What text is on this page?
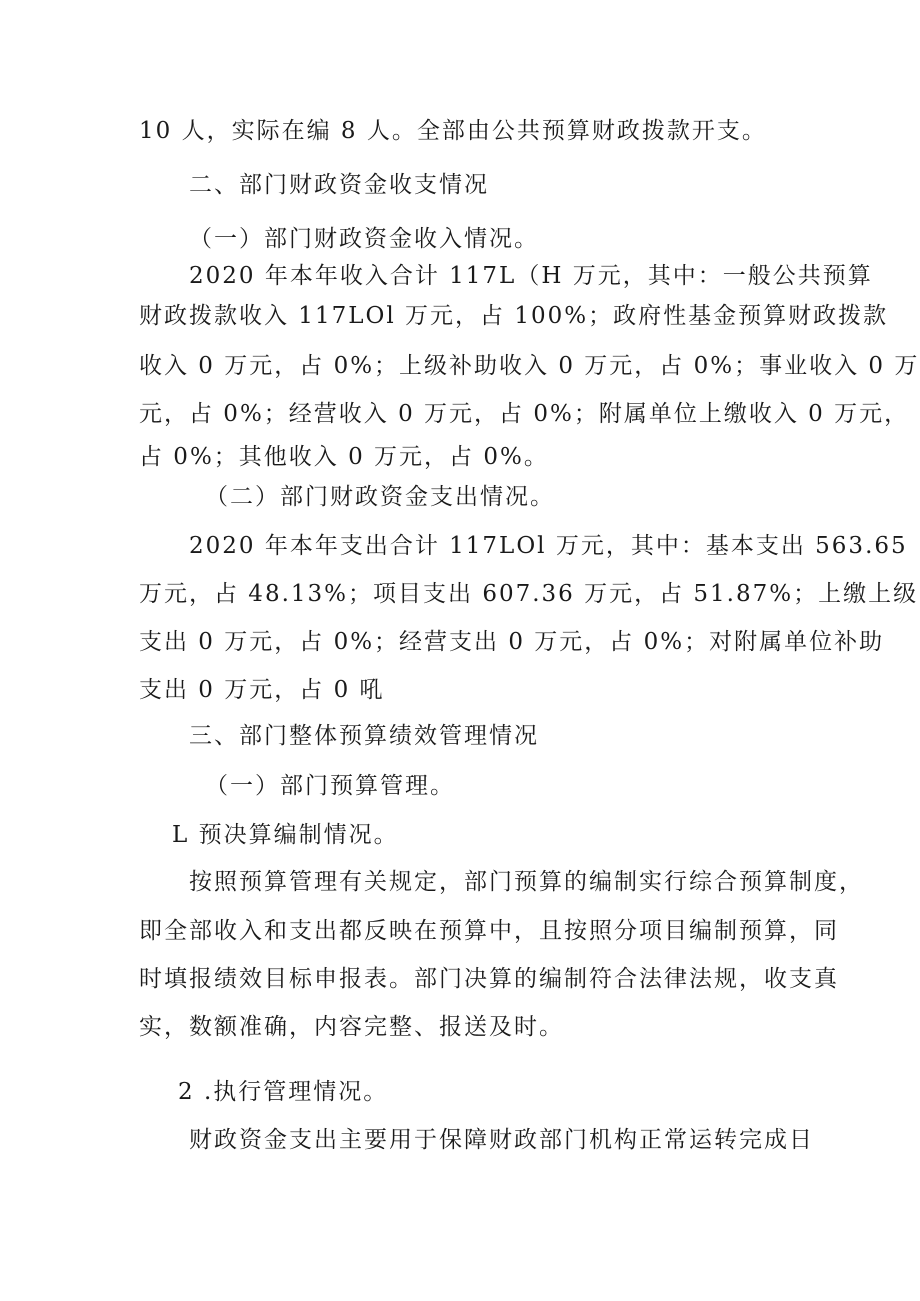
10 人，实际在编 8 人。全部由公共预算财政拨款开支。
二、部门财政资金收支情况
（一）部门财政资金收入情况。
2020 年本年收入合计 117L（H 万元，其中：一般公共预算
财政拨款收入 117LOl 万元，占 100%；政府性基金预算财政拨款
收入 0 万元，占 0%；上级补助收入 0 万元，占 0%；事业收入 0 万
元，占 0%；经营收入 0 万元，占 0%；附属单位上缴收入 0 万元，
占 0%；其他收入 0 万元，占 0%。
（二）部门财政资金支出情况。
2020 年本年支出合计 117LOl 万元，其中：基本支出 563.65
万元，占 48.13%；项目支出 607.36 万元，占 51.87%；上缴上级
支出 0 万元，占 0%；经营支出 0 万元，占 0%；对附属单位补助
支出 0 万元，占 0 吼
三、部门整体预算绩效管理情况
（一）部门预算管理。
L 预决算编制情况。
按照预算管理有关规定，部门预算的编制实行综合预算制度，
即全部收入和支出都反映在预算中，且按照分项目编制预算，同
时填报绩效目标申报表。部门决算的编制符合法律法规，收支真
实，数额准确，内容完整、报送及时。
2 .执行管理情况。
财政资金支出主要用于保障财政部门机构正常运转完成日
